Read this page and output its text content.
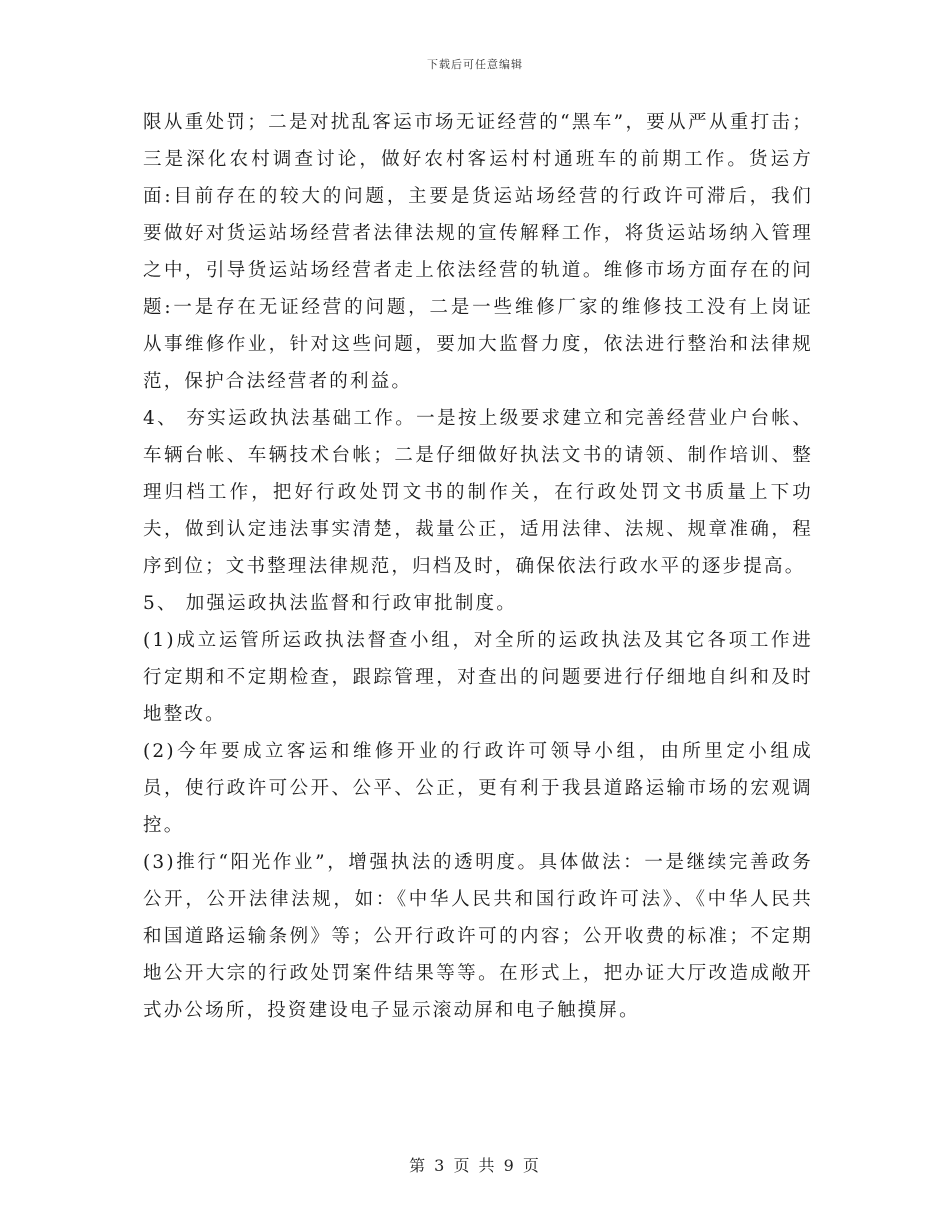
下载后可任意编辑

限从重处罚；二是对扰乱客运市场无证经营的“黑车”，要从严从重打击；三是深化农村调查讨论，做好农村客运村村通班车的前期工作。货运方面:目前存在的较大的问题，主要是货运站场经营的行政许可滞后，我们要做好对货运站场经营者法律法规的宣传解释工作，将货运站场纳入管理之中，引导货运站场经营者走上依法经营的轨道。维修市场方面存在的问题:一是存在无证经营的问题，二是一些维修厂家的维修技工没有上岗证从事维修作业，针对这些问题，要加大监督力度，依法进行整治和法律规范，保护合法经营者的利益。

4、 夯实运政执法基础工作。一是按上级要求建立和完善经营业户台帐、车辆台帐、车辆技术台帐；二是仔细做好执法文书的请领、制作培训、整理归档工作，把好行政处罚文书的制作关，在行政处罚文书质量上下功夫，做到认定违法事实清楚，裁量公正，适用法律、法规、规章准确，程序到位；文书整理法律规范，归档及时，确保依法行政水平的逐步提高。

5、 加强运政执法监督和行政审批制度。

(1)成立运管所运政执法督查小组，对全所的运政执法及其它各项工作进行定期和不定期检查，跟踪管理，对查出的问题要进行仔细地自纠和及时地整改。

(2)今年要成立客运和维修开业的行政许可领导小组，由所里定小组成员，使行政许可公开、公平、公正，更有利于我县道路运输市场的宏观调控。

(3)推行“阳光作业”，增强执法的透明度。具体做法：一是继续完善政务公开，公开法律法规，如：《中华人民共和国行政许可法》、《中华人民共和国道路运输条例》等；公开行政许可的内容；公开收费的标准；不定期地公开大宗的行政处罚案件结果等等。在形式上，把办证大厅改造成敞开式办公场所，投资建设电子显示滚动屏和电子触摸屏。

第 3 页 共 9 页
